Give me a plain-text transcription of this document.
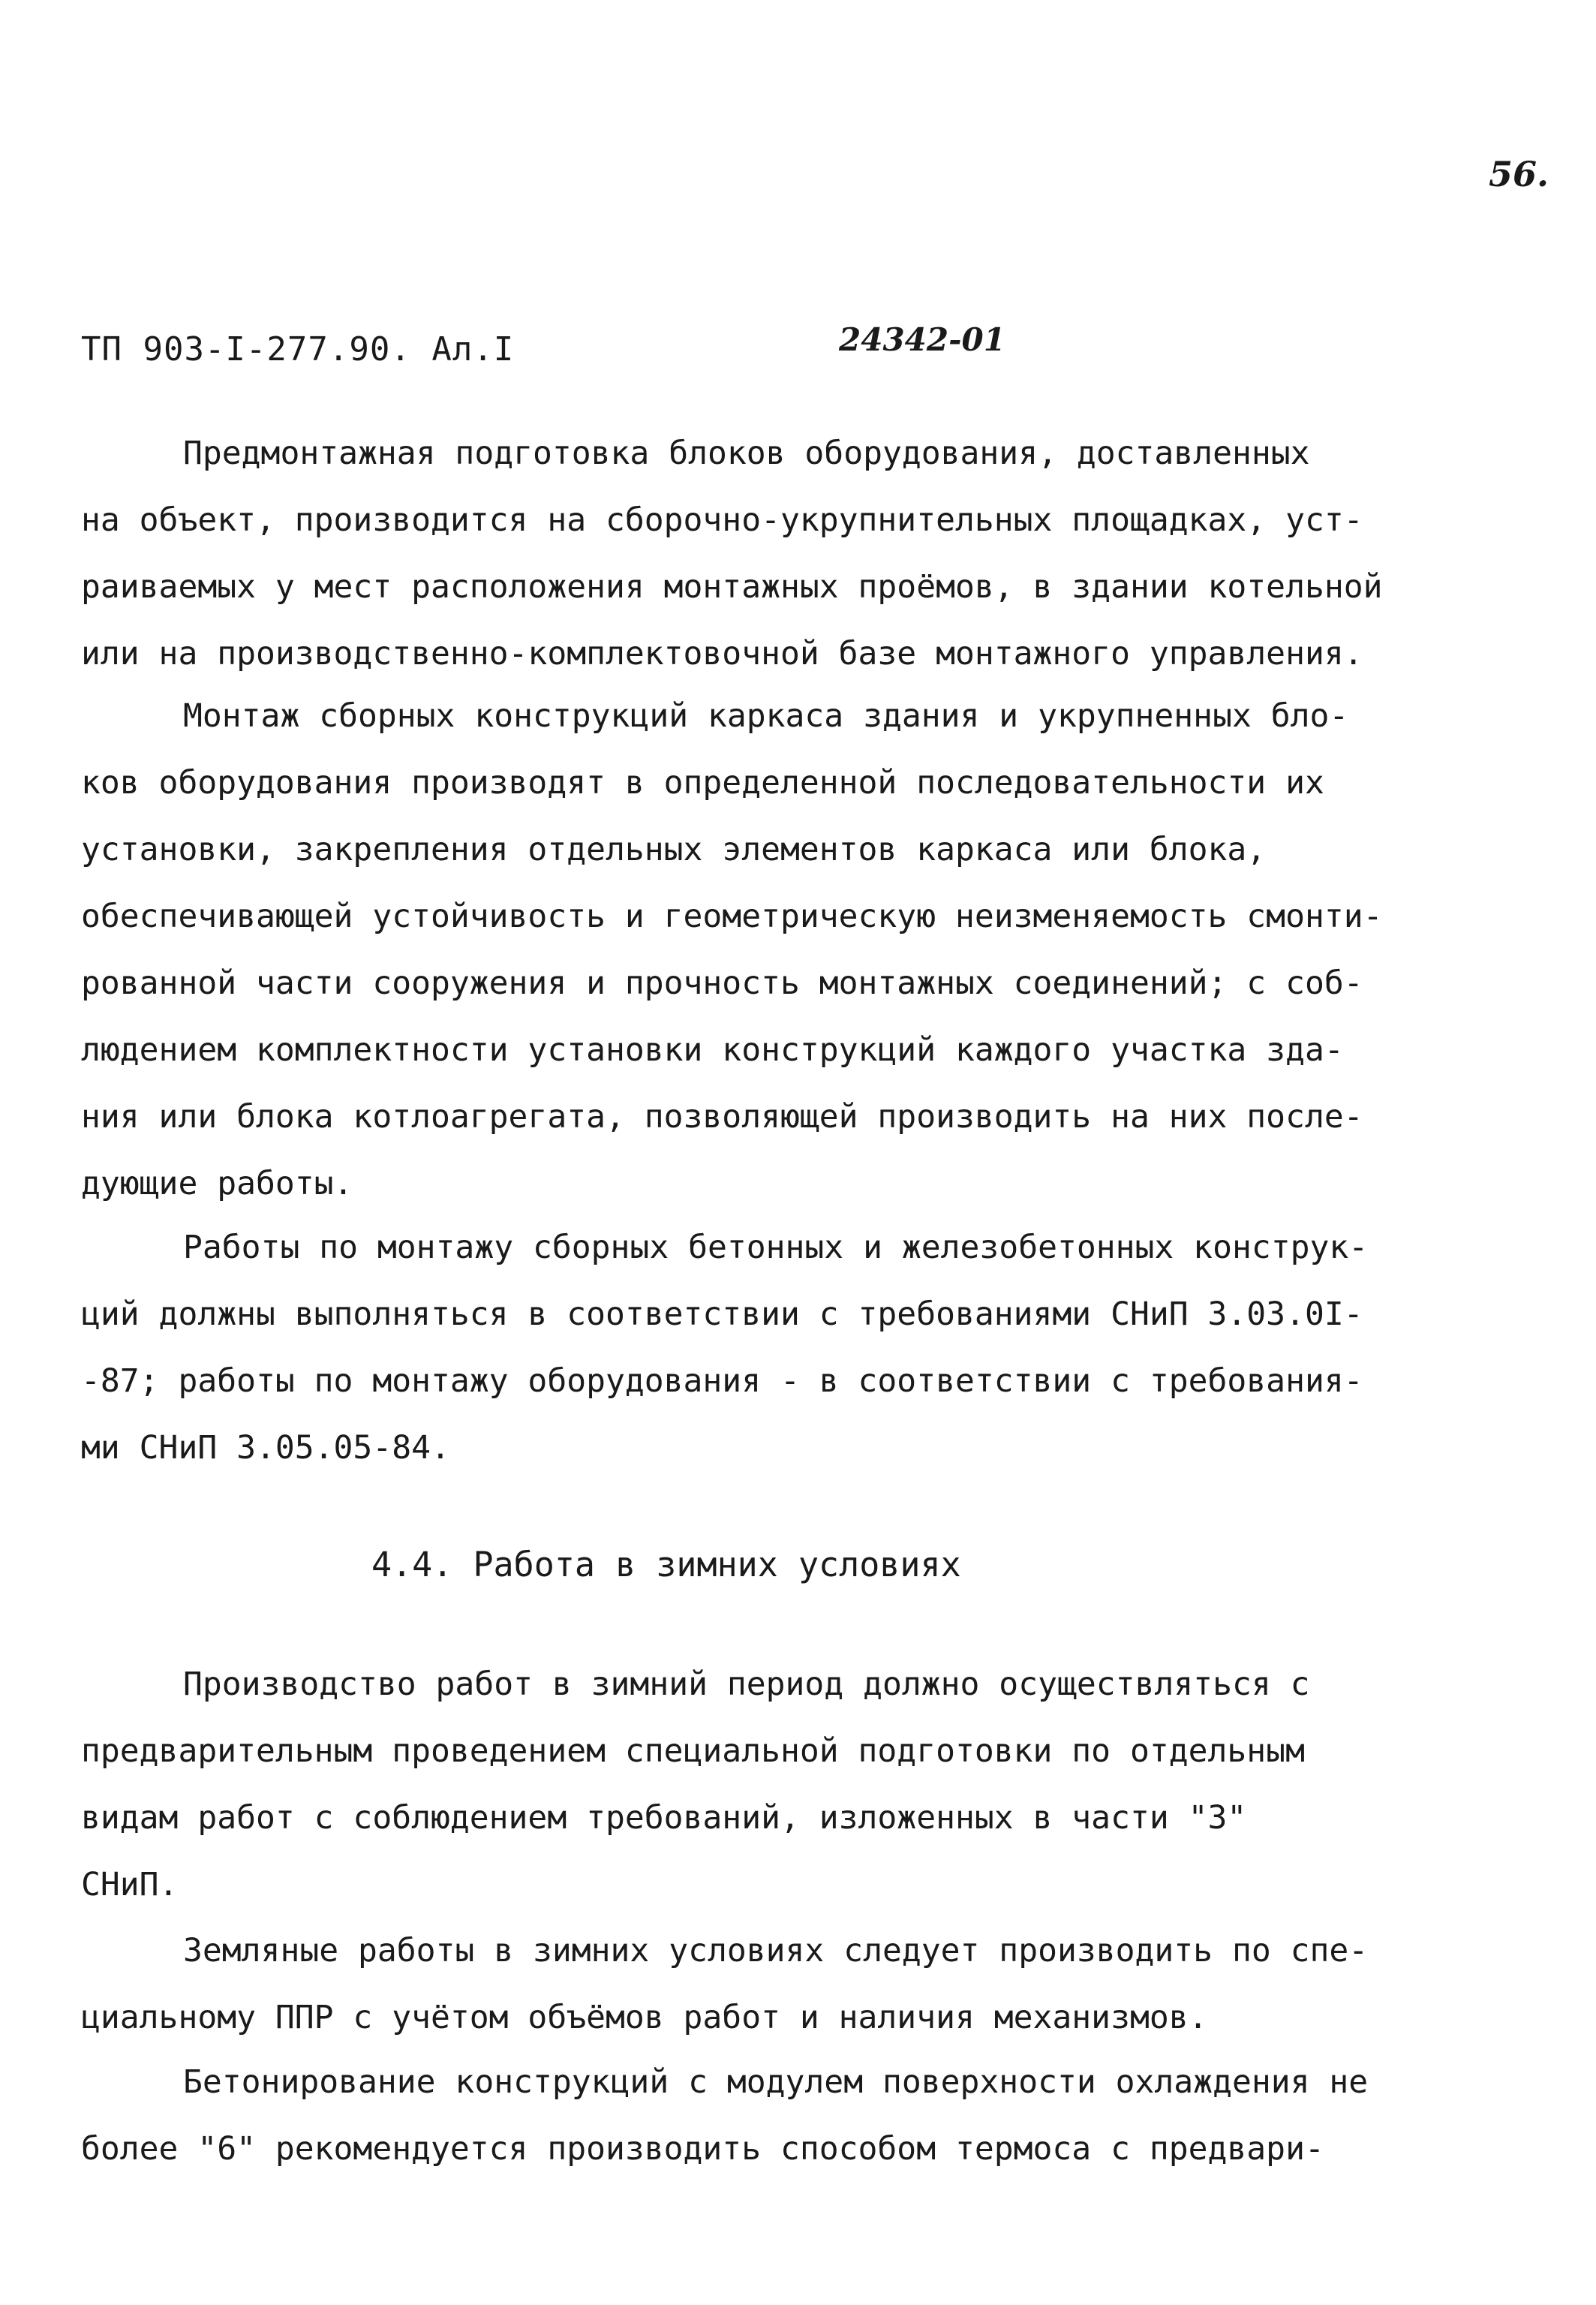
56.
ТП 903-I-277.90. Ал.I	24342-01
Предмонтажная подготовка блоков оборудования, доставленных
на объект, производится на сборочно-укрупнительных площадках, уст-
раиваемых у мест расположения монтажных проёмов, в здании котельной
или на производственно-комплектовочной базе монтажного управления.
Монтаж сборных конструкций каркаса здания и укрупненных бло-
ков оборудования производят в определенной последовательности их
установки, закрепления отдельных элементов каркаса или блока,
обеспечивающей устойчивость и геометрическую неизменяемость смонти-
рованной части сооружения и прочность монтажных соединений; с соб-
людением комплектности установки конструкций каждого участка зда-
ния или блока котлоагрегата, позволяющей производить на них после-
дующие работы.
Работы по монтажу сборных бетонных и железобетонных конструк-
ций должны выполняться в соответствии с требованиями СНиП 3.03.0I-
-87; работы по монтажу оборудования - в соответствии с требования-
ми СНиП 3.05.05-84.
4.4. Работа в зимних условиях
Производство работ в зимний период должно осуществляться с
предварительным проведением специальной подготовки по отдельным
видам работ с соблюдением требований, изложенных в части "3"
СНиП.
Земляные работы в зимних условиях следует производить по спе-
циальному ППР с учётом объёмов работ и наличия механизмов.
Бетонирование конструкций с модулем поверхности охлаждения не
более "6" рекомендуется производить способом термоса с предвари-
